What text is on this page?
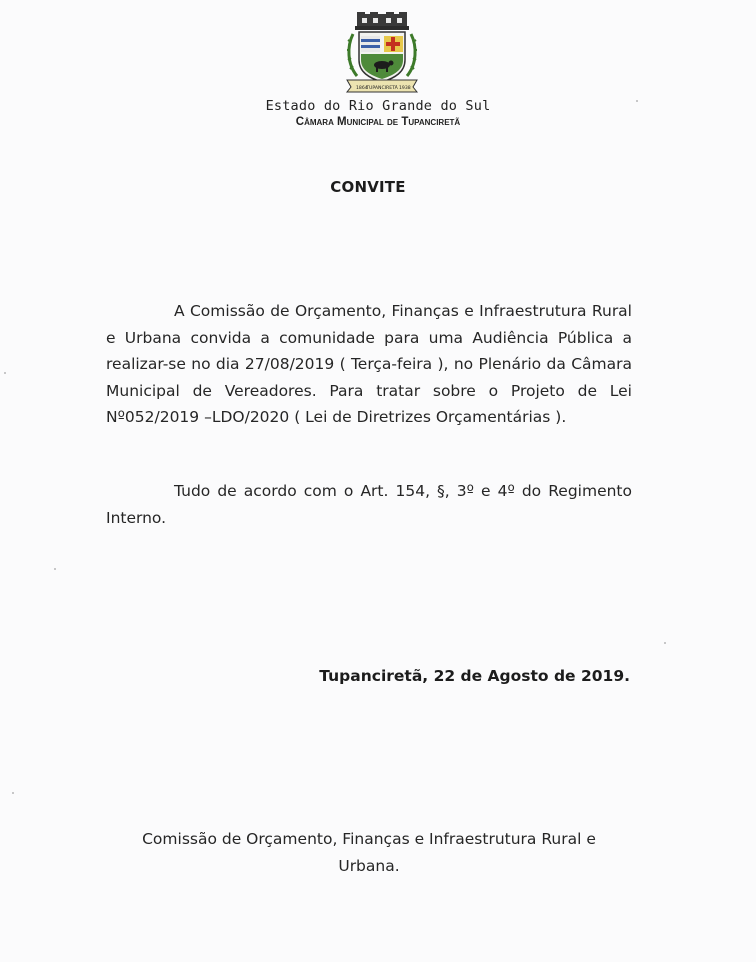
1864
TUPANCIRETÃ 1938
Estado do Rio Grande do Sul
Câmara Municipal de Tupanciretã
CONVITE
A Comissão de Orçamento, Finanças e Infraestrutura Rural e Urbana convida a comunidade para uma Audiência Pública a realizar-se no dia 27/08/2019 ( Terça-feira ), no Plenário da Câmara Municipal de Vereadores. Para tratar sobre o Projeto de Lei Nº052/2019 –LDO/2020 ( Lei de Diretrizes Orçamentárias ).
Tudo de acordo com o Art. 154, §, 3º e 4º do Regimento Interno.
Tupanciretã, 22 de Agosto de 2019.
Comissão de Orçamento, Finanças e Infraestrutura Rural e
Urbana.
